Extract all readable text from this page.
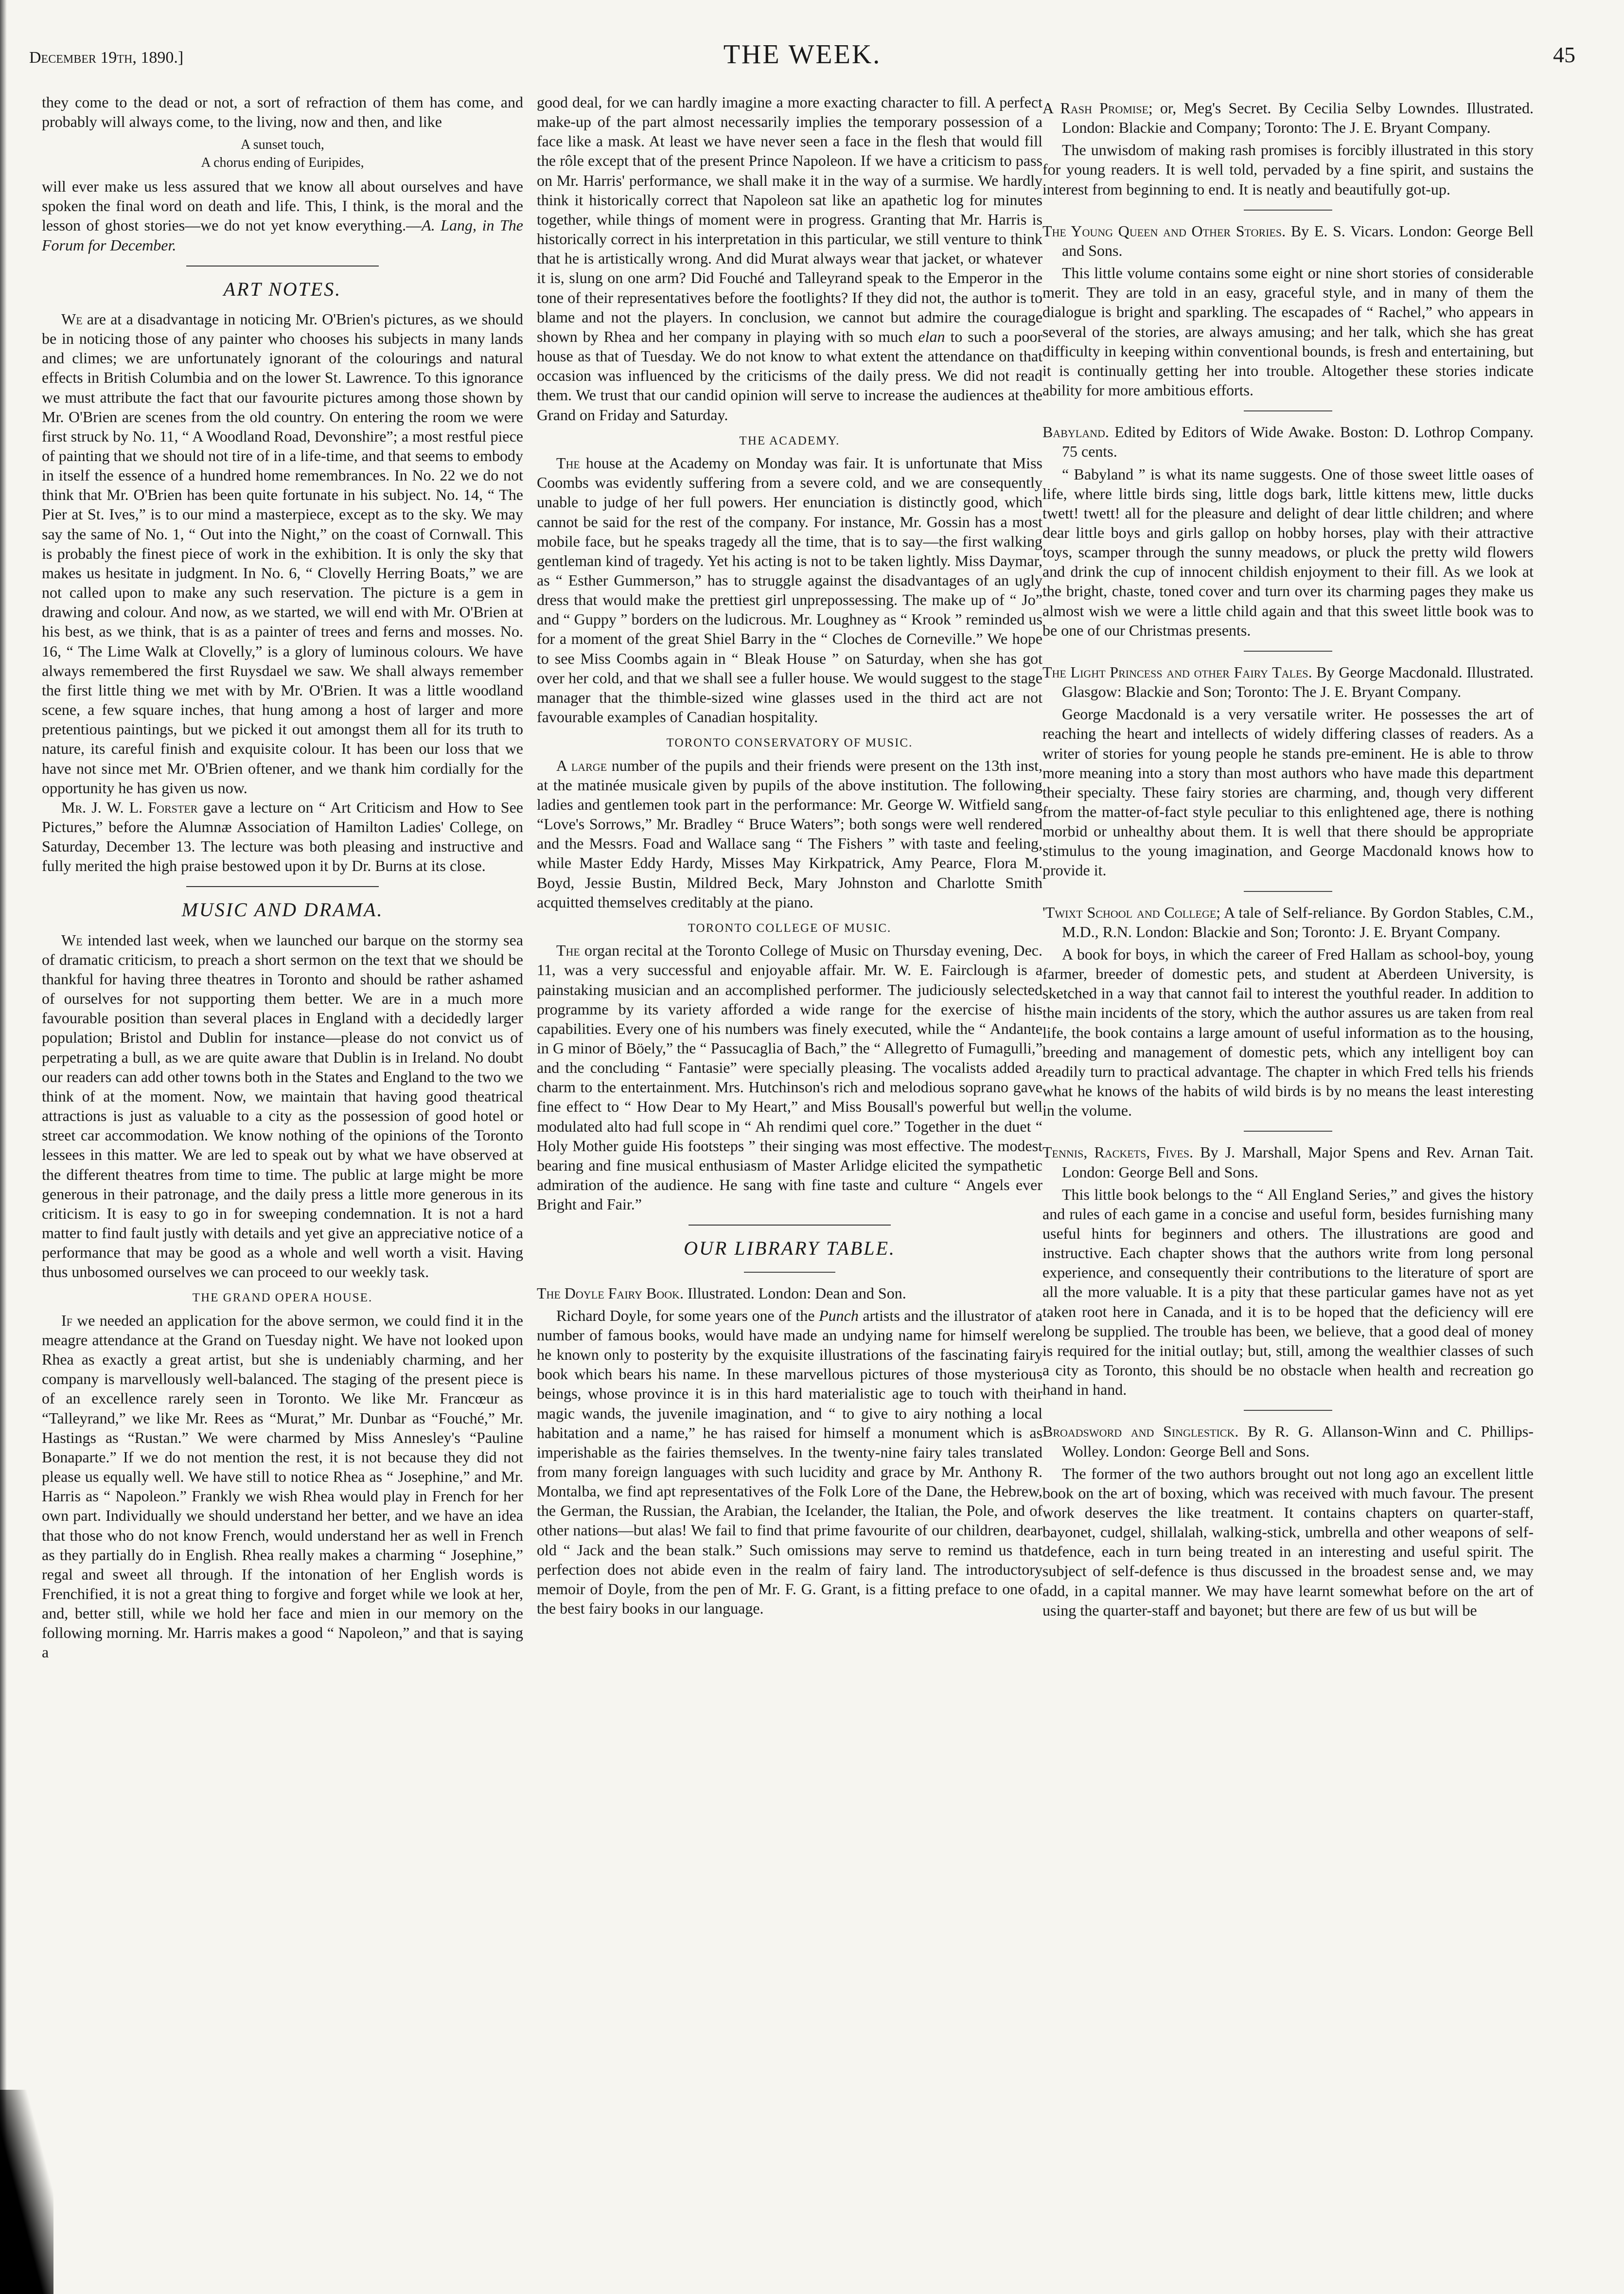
December 19th, 1890.]	THE WEEK.	45

they come to the dead or not, a sort of refraction of them has come, and probably will always come, to the living, now and then, and like

A sunset touch,
A chorus ending of Euripides,

will ever make us less assured that we know all about ourselves and have spoken the final word on death and life. This, I think, is the moral and the lesson of ghost stories—we do not yet know everything.—A. Lang, in The Forum for December.

ART NOTES.

We are at a disadvantage in noticing Mr. O'Brien's pictures, as we should be in noticing those of any painter who chooses his subjects in many lands and climes; we are unfortunately ignorant of the colourings and natural effects in British Columbia and on the lower St. Lawrence. To this ignorance we must attribute the fact that our favourite pictures among those shown by Mr. O'Brien are scenes from the old country. On entering the room we were first struck by No. 11, “ A Woodland Road, Devonshire”; a most restful piece of painting that we should not tire of in a life-time, and that seems to embody in itself the essence of a hundred home remembrances. In No. 22 we do not think that Mr. O'Brien has been quite fortunate in his subject. No. 14, “ The Pier at St. Ives,” is to our mind a masterpiece, except as to the sky. We may say the same of No. 1, “ Out into the Night,” on the coast of Cornwall. This is probably the finest piece of work in the exhibition. It is only the sky that makes us hesitate in judgment. In No. 6, “ Clovelly Herring Boats,” we are not called upon to make any such reservation. The picture is a gem in drawing and colour. And now, as we started, we will end with Mr. O'Brien at his best, as we think, that is as a painter of trees and ferns and mosses. No. 16, “ The Lime Walk at Clovelly,” is a glory of luminous colours. We have always remembered the first Ruysdael we saw. We shall always remember the first little thing we met with by Mr. O'Brien. It was a little woodland scene, a few square inches, that hung among a host of larger and more pretentious paintings, but we picked it out amongst them all for its truth to nature, its careful finish and exquisite colour. It has been our loss that we have not since met Mr. O'Brien oftener, and we thank him cordially for the opportunity he has given us now.

Mr. J. W. L. Forster gave a lecture on “ Art Criticism and How to See Pictures,” before the Alumnæ Association of Hamilton Ladies' College, on Saturday, December 13. The lecture was both pleasing and instructive and fully merited the high praise bestowed upon it by Dr. Burns at its close.

MUSIC AND DRAMA.

We intended last week, when we launched our barque on the stormy sea of dramatic criticism, to preach a short sermon on the text that we should be thankful for having three theatres in Toronto and should be rather ashamed of ourselves for not supporting them better. We are in a much more favourable position than several places in England with a decidedly larger population; Bristol and Dublin for instance—please do not convict us of perpetrating a bull, as we are quite aware that Dublin is in Ireland. No doubt our readers can add other towns both in the States and England to the two we think of at the moment. Now, we maintain that having good theatrical attractions is just as valuable to a city as the possession of good hotel or street car accommodation. We know nothing of the opinions of the Toronto lessees in this matter. We are led to speak out by what we have observed at the different theatres from time to time. The public at large might be more generous in their patronage, and the daily press a little more generous in its criticism. It is easy to go in for sweeping condemnation. It is not a hard matter to find fault justly with details and yet give an appreciative notice of a performance that may be good as a whole and well worth a visit. Having thus unbosomed ourselves we can proceed to our weekly task.

THE GRAND OPERA HOUSE.

If we needed an application for the above sermon, we could find it in the meagre attendance at the Grand on Tuesday night. We have not looked upon Rhea as exactly a great artist, but she is undeniably charming, and her company is marvellously well-balanced. The staging of the present piece is of an excellence rarely seen in Toronto. We like Mr. Francœur as “Talleyrand,” we like Mr. Rees as “Murat,” Mr. Dunbar as “Fouché,” Mr. Hastings as “Rustan.” We were charmed by Miss Annesley's “Pauline Bonaparte.” If we do not mention the rest, it is not because they did not please us equally well. We have still to notice Rhea as “ Josephine,” and Mr. Harris as “ Napoleon.” Frankly we wish Rhea would play in French for her own part. Individually we should understand her better, and we have an idea that those who do not know French, would understand her as well in French as they partially do in English. Rhea really makes a charming “ Josephine,” regal and sweet all through. If the intonation of her English words is Frenchified, it is not a great thing to forgive and forget while we look at her, and, better still, while we hold her face and mien in our memory on the following morning. Mr. Harris makes a good “ Napoleon,” and that is saying a

good deal, for we can hardly imagine a more exacting character to fill. A perfect make-up of the part almost necessarily implies the temporary possession of a face like a mask. At least we have never seen a face in the flesh that would fill the rôle except that of the present Prince Napoleon. If we have a criticism to pass on Mr. Harris' performance, we shall make it in the way of a surmise. We hardly think it historically correct that Napoleon sat like an apathetic log for minutes together, while things of moment were in progress. Granting that Mr. Harris is historically correct in his interpretation in this particular, we still venture to think that he is artistically wrong. And did Murat always wear that jacket, or whatever it is, slung on one arm? Did Fouché and Talleyrand speak to the Emperor in the tone of their representatives before the footlights? If they did not, the author is to blame and not the players. In conclusion, we cannot but admire the courage shown by Rhea and her company in playing with so much elan to such a poor house as that of Tuesday. We do not know to what extent the attendance on that occasion was influenced by the criticisms of the daily press. We did not read them. We trust that our candid opinion will serve to increase the audiences at the Grand on Friday and Saturday.

THE ACADEMY.

The house at the Academy on Monday was fair. It is unfortunate that Miss Coombs was evidently suffering from a severe cold, and we are consequently unable to judge of her full powers. Her enunciation is distinctly good, which cannot be said for the rest of the company. For instance, Mr. Gossin has a most mobile face, but he speaks tragedy all the time, that is to say—the first walking gentleman kind of tragedy. Yet his acting is not to be taken lightly. Miss Daymar, as “ Esther Gummerson,” has to struggle against the disadvantages of an ugly dress that would make the prettiest girl unprepossessing. The make up of “ Jo” and “ Guppy ” borders on the ludicrous. Mr. Loughney as “ Krook ” reminded us for a moment of the great Shiel Barry in the “ Cloches de Corneville.” We hope to see Miss Coombs again in “ Bleak House ” on Saturday, when she has got over her cold, and that we shall see a fuller house. We would suggest to the stage manager that the thimble-sized wine glasses used in the third act are not favourable examples of Canadian hospitality.

TORONTO CONSERVATORY OF MUSIC.

A large number of the pupils and their friends were present on the 13th inst, at the matinée musicale given by pupils of the above institution. The following ladies and gentlemen took part in the performance: Mr. George W. Witfield sang “Love's Sorrows,” Mr. Bradley “ Bruce Waters”; both songs were well rendered and the Messrs. Foad and Wallace sang “ The Fishers ” with taste and feeling, while Master Eddy Hardy, Misses May Kirkpatrick, Amy Pearce, Flora M. Boyd, Jessie Bustin, Mildred Beck, Mary Johnston and Charlotte Smith acquitted themselves creditably at the piano.

TORONTO COLLEGE OF MUSIC.

The organ recital at the Toronto College of Music on Thursday evening, Dec. 11, was a very successful and enjoyable affair. Mr. W. E. Fairclough is a painstaking musician and an accomplished performer. The judiciously selected programme by its variety afforded a wide range for the exercise of his capabilities. Every one of his numbers was finely executed, while the “ Andante in G minor of Böely,” the “ Passucaglia of Bach,” the “ Allegretto of Fumagulli,” and the concluding “ Fantasie” were specially pleasing. The vocalists added a charm to the entertainment. Mrs. Hutchinson's rich and melodious soprano gave fine effect to “ How Dear to My Heart,” and Miss Bousall's powerful but well modulated alto had full scope in “ Ah rendimi quel core.” Together in the duet “ Holy Mother guide His footsteps ” their singing was most effective. The modest bearing and fine musical enthusiasm of Master Arlidge elicited the sympathetic admiration of the audience. He sang with fine taste and culture “ Angels ever Bright and Fair.”

OUR LIBRARY TABLE.

The Doyle Fairy Book. Illustrated. London: Dean and Son.

Richard Doyle, for some years one of the Punch artists and the illustrator of a number of famous books, would have made an undying name for himself were he known only to posterity by the exquisite illustrations of the fascinating fairy book which bears his name. In these marvellous pictures of those mysterious beings, whose province it is in this hard materialistic age to touch with their magic wands, the juvenile imagination, and “ to give to airy nothing a local habitation and a name,” he has raised for himself a monument which is as imperishable as the fairies themselves. In the twenty-nine fairy tales translated from many foreign languages with such lucidity and grace by Mr. Anthony R. Montalba, we find apt representatives of the Folk Lore of the Dane, the Hebrew, the German, the Russian, the Arabian, the Icelander, the Italian, the Pole, and of other nations—but alas! We fail to find that prime favourite of our children, dear old “ Jack and the bean stalk.” Such omissions may serve to remind us that perfection does not abide even in the realm of fairy land. The introductory memoir of Doyle, from the pen of Mr. F. G. Grant, is a fitting preface to one of the best fairy books in our language.

A Rash Promise; or, Meg's Secret. By Cecilia Selby Lowndes. Illustrated. London: Blackie and Company; Toronto: The J. E. Bryant Company.

The unwisdom of making rash promises is forcibly illustrated in this story for young readers. It is well told, pervaded by a fine spirit, and sustains the interest from beginning to end. It is neatly and beautifully got-up.

The Young Queen and Other Stories. By E. S. Vicars. London: George Bell and Sons.

This little volume contains some eight or nine short stories of considerable merit. They are told in an easy, graceful style, and in many of them the dialogue is bright and sparkling. The escapades of “ Rachel,” who appears in several of the stories, are always amusing; and her talk, which she has great difficulty in keeping within conventional bounds, is fresh and entertaining, but it is continually getting her into trouble. Altogether these stories indicate ability for more ambitious efforts.

Babyland. Edited by Editors of Wide Awake. Boston: D. Lothrop Company. 75 cents.

“ Babyland ” is what its name suggests. One of those sweet little oases of life, where little birds sing, little dogs bark, little kittens mew, little ducks twett! twett! all for the pleasure and delight of dear little children; and where dear little boys and girls gallop on hobby horses, play with their attractive toys, scamper through the sunny meadows, or pluck the pretty wild flowers and drink the cup of innocent childish enjoyment to their fill. As we look at the bright, chaste, toned cover and turn over its charming pages they make us almost wish we were a little child again and that this sweet little book was to be one of our Christmas presents.

The Light Princess and other Fairy Tales. By George Macdonald. Illustrated. Glasgow: Blackie and Son; Toronto: The J. E. Bryant Company.

George Macdonald is a very versatile writer. He possesses the art of reaching the heart and intellects of widely differing classes of readers. As a writer of stories for young people he stands pre-eminent. He is able to throw more meaning into a story than most authors who have made this department their specialty. These fairy stories are charming, and, though very different from the matter-of-fact style peculiar to this enlightened age, there is nothing morbid or unhealthy about them. It is well that there should be appropriate stimulus to the young imagination, and George Macdonald knows how to provide it.

'Twixt School and College; A tale of Self-reliance. By Gordon Stables, C.M., M.D., R.N. London: Blackie and Son; Toronto: J. E. Bryant Company.

A book for boys, in which the career of Fred Hallam as school-boy, young farmer, breeder of domestic pets, and student at Aberdeen University, is sketched in a way that cannot fail to interest the youthful reader. In addition to the main incidents of the story, which the author assures us are taken from real life, the book contains a large amount of useful information as to the housing, breeding and management of domestic pets, which any intelligent boy can readily turn to practical advantage. The chapter in which Fred tells his friends what he knows of the habits of wild birds is by no means the least interesting in the volume.

Tennis, Rackets, Fives. By J. Marshall, Major Spens and Rev. Arnan Tait. London: George Bell and Sons.

This little book belongs to the “ All England Series,” and gives the history and rules of each game in a concise and useful form, besides furnishing many useful hints for beginners and others. The illustrations are good and instructive. Each chapter shows that the authors write from long personal experience, and consequently their contributions to the literature of sport are all the more valuable. It is a pity that these particular games have not as yet taken root here in Canada, and it is to be hoped that the deficiency will ere long be supplied. The trouble has been, we believe, that a good deal of money is required for the initial outlay; but, still, among the wealthier classes of such a city as Toronto, this should be no obstacle when health and recreation go hand in hand.

Broadsword and Singlestick. By R. G. Allanson-Winn and C. Phillips-Wolley. London: George Bell and Sons.

The former of the two authors brought out not long ago an excellent little book on the art of boxing, which was received with much favour. The present work deserves the like treatment. It contains chapters on quarter-staff, bayonet, cudgel, shillalah, walking-stick, umbrella and other weapons of self-defence, each in turn being treated in an interesting and useful spirit. The subject of self-defence is thus discussed in the broadest sense and, we may add, in a capital manner. We may have learnt somewhat before on the art of using the quarter-staff and bayonet; but there are few of us but will be
